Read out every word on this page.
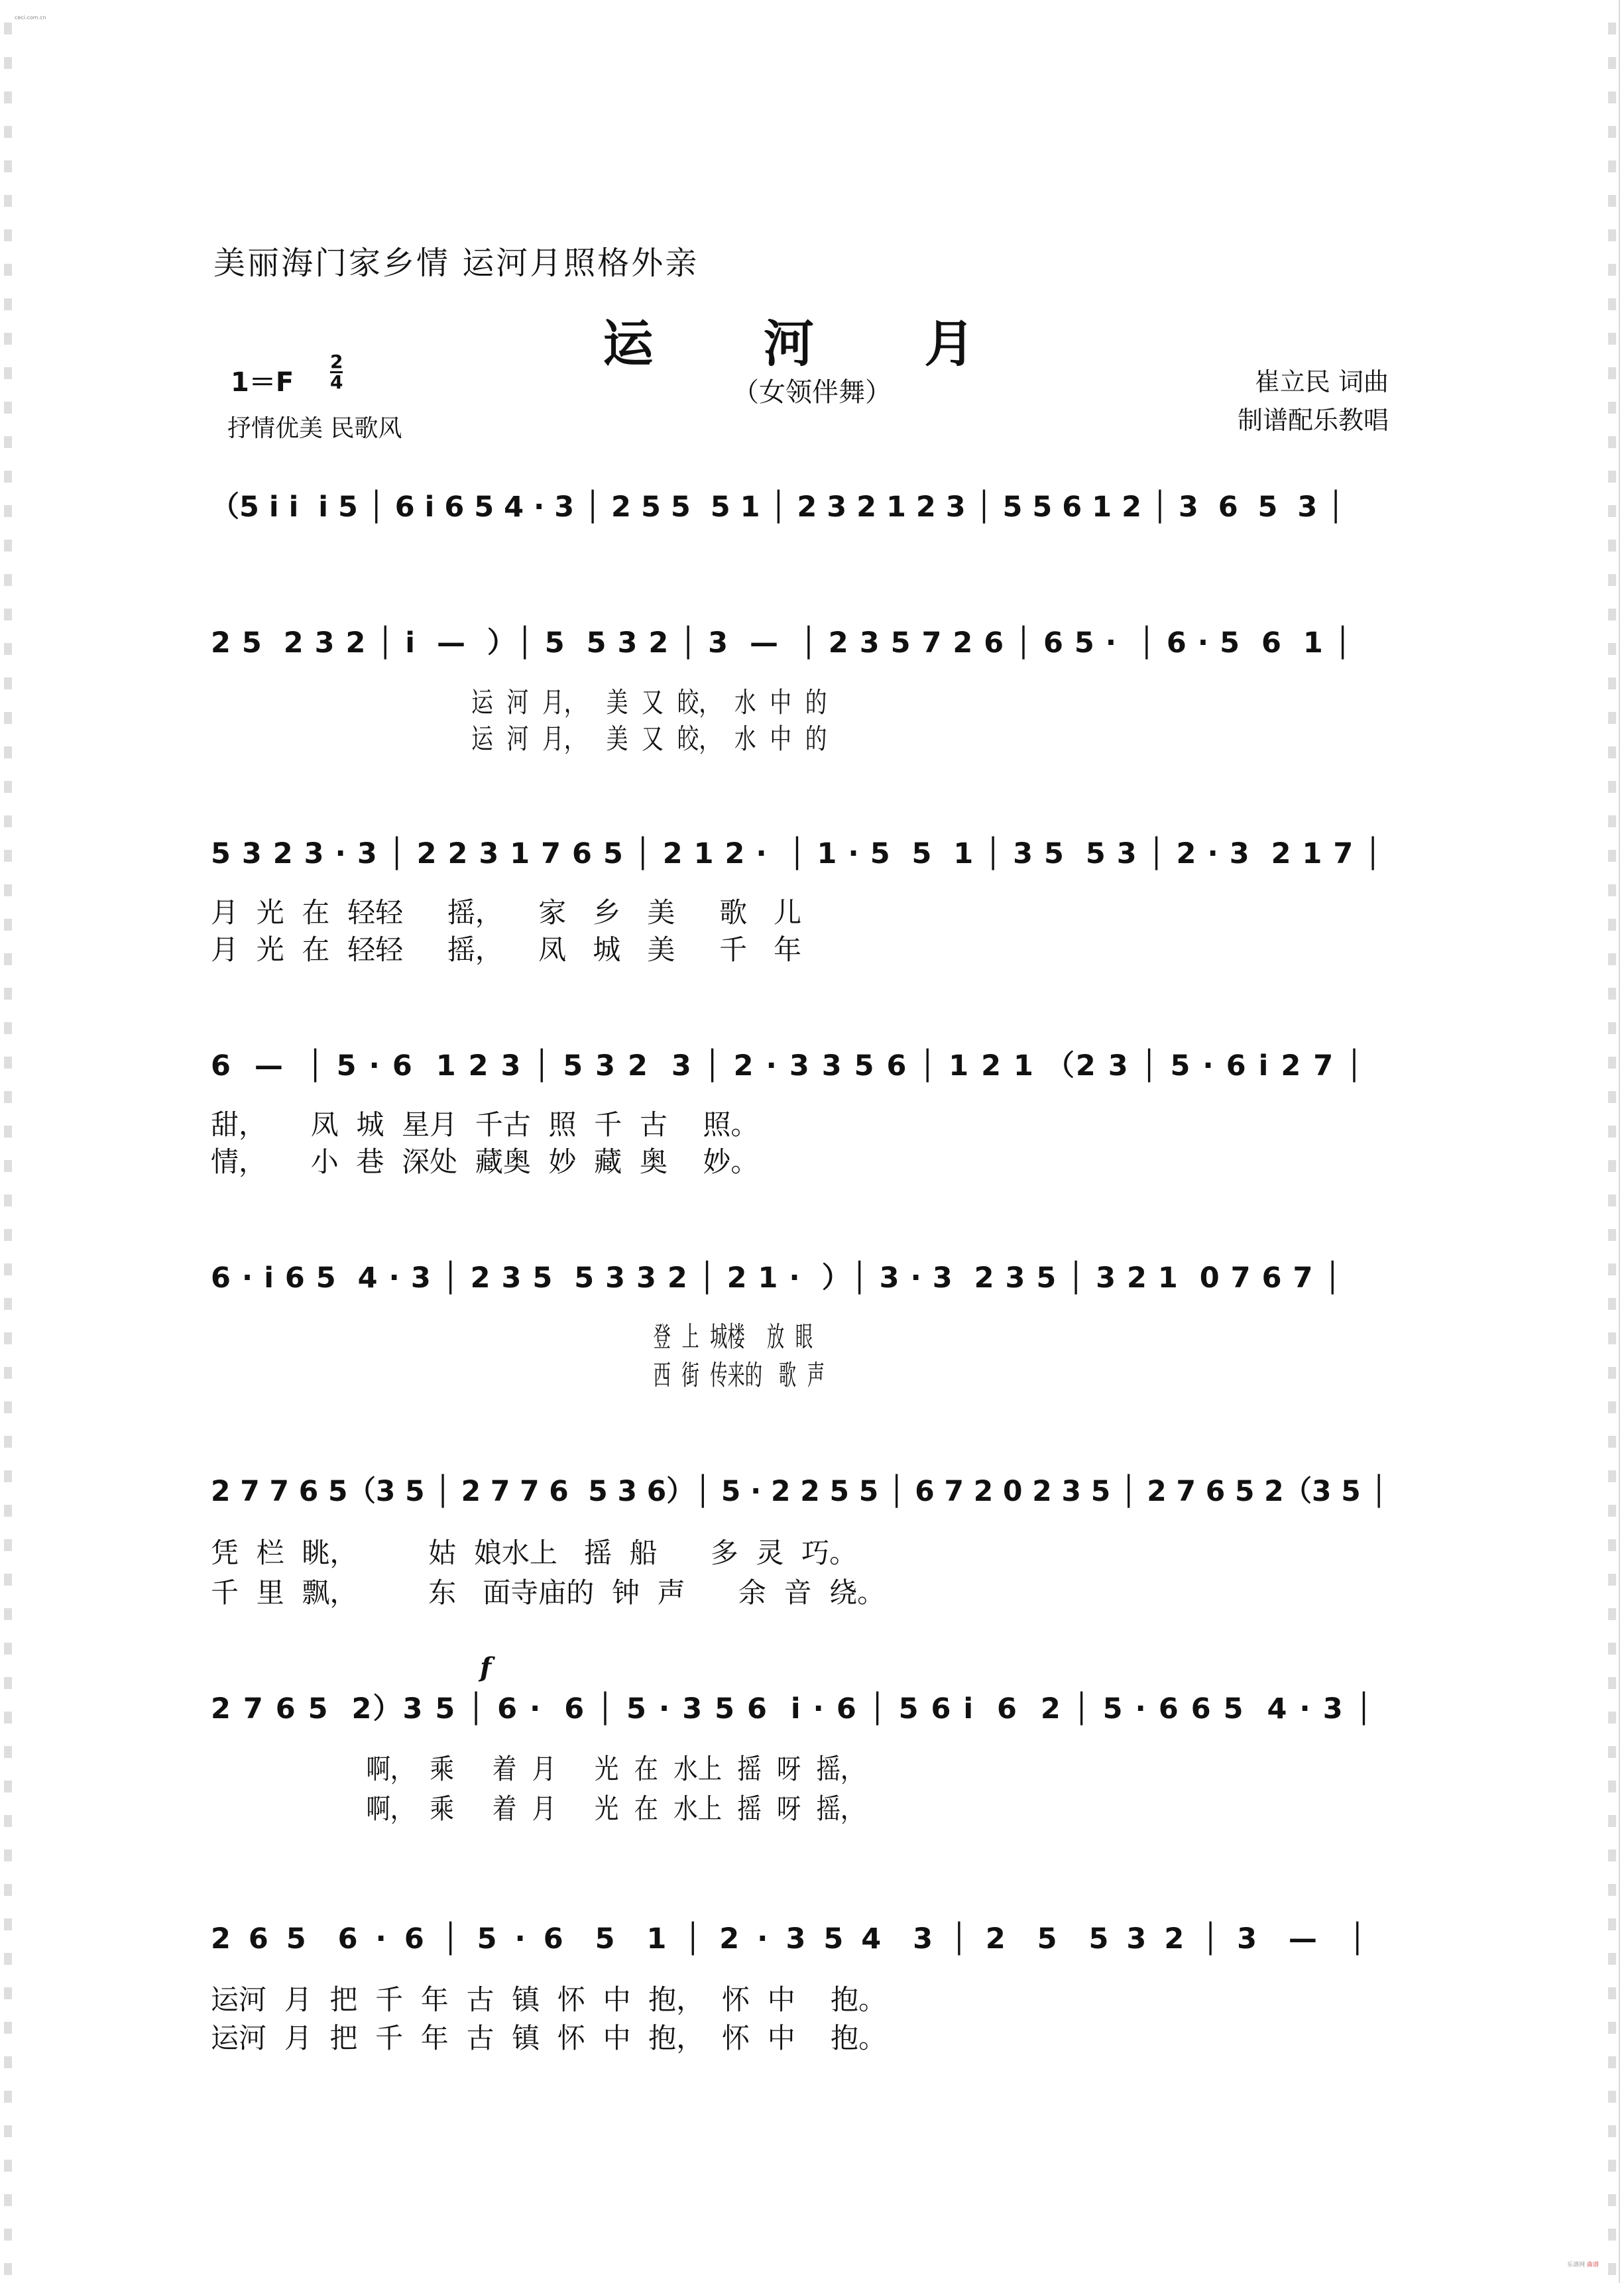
ceci.com.cn
美丽海门家乡情 运河月照格外亲
运 河 月
（女领伴舞）
$1=F \frac{2}{4}$
抒情优美 民歌风
崔立民 词曲
制谱配乐教唱
（5 i i  i 5 │ 6 i 6 5 4 · 3 │ 2 5 5  5 1 │ 2 3 2 1 2 3 │ 5 5 6 1 2 │ 3  6  5  3 │
2 5  2 3 2 │ i  —  ）│ 5  5 3 2 │ 3  —  │ 2 3 5 7 2 6 │ 6 5 ·  │ 6 · 5  6  1 │
运  河  月，   美  又  皎，  水  中  的
运  河  月，   美  又  皎，  水  中  的
5 3 2 3 · 3 │ 2 2 3 1 7 6 5 │ 2 1 2 ·  │ 1 · 5  5  1 │ 3 5  5 3 │ 2 · 3  2 1 7 │
月  光  在  轻轻     摇，    家   乡   美     歌   儿
月  光  在  轻轻     摇，    凤   城   美     千   年
6  —  │ 5 · 6  1 2 3 │ 5 3 2  3 │ 2 · 3 3 5 6 │ 1 2 1 （2 3 │ 5 · 6 i 2 7 │
甜，     凤  城  星月  千古  照  千  古    照。
情，     小  巷  深处  藏奥  妙  藏  奥    妙。
6 · i 6 5  4 · 3 │ 2 3 5  5 3 3 2 │ 2 1 ·  ）│ 3 · 3  2 3 5 │ 3 2 1  0 7 6 7 │
登  上  城楼    放  眼
西  街  传来的   歌  声
2 7 7 6 5（3 5 │ 2 7 7 6  5 3 6）│ 5 · 2 2 5 5 │ 6 7 2 0 2 3 5 │ 2 7 6 5 2（3 5 │
凭  栏  眺，        姑  娘水上   摇  船      多  灵  巧。
千  里  飘，        东   面寺庙的  钟  声      余  音  绕。
f
2 7 6 5  2）3 5 │ 6 ·  6 │ 5 · 3 5 6  i · 6 │ 5 6 i  6  2 │ 5 · 6 6 5  4 · 3 │
啊，  乘     着  月     光  在  水上  摇  呀  摇，
啊，  乘     着  月     光  在  水上  摇  呀  摇，
2 6 5  6 · 6 │ 5 · 6  5  1 │ 2 · 3 5 4  3 │ 2  5  5 3 2 │ 3  —  │
运河  月  把  千  年  古  镇  怀  中  抱，  怀  中    抱。
运河  月  把  千  年  古  镇  怀  中  抱，  怀  中    抱。
乐谱网 曲谱
